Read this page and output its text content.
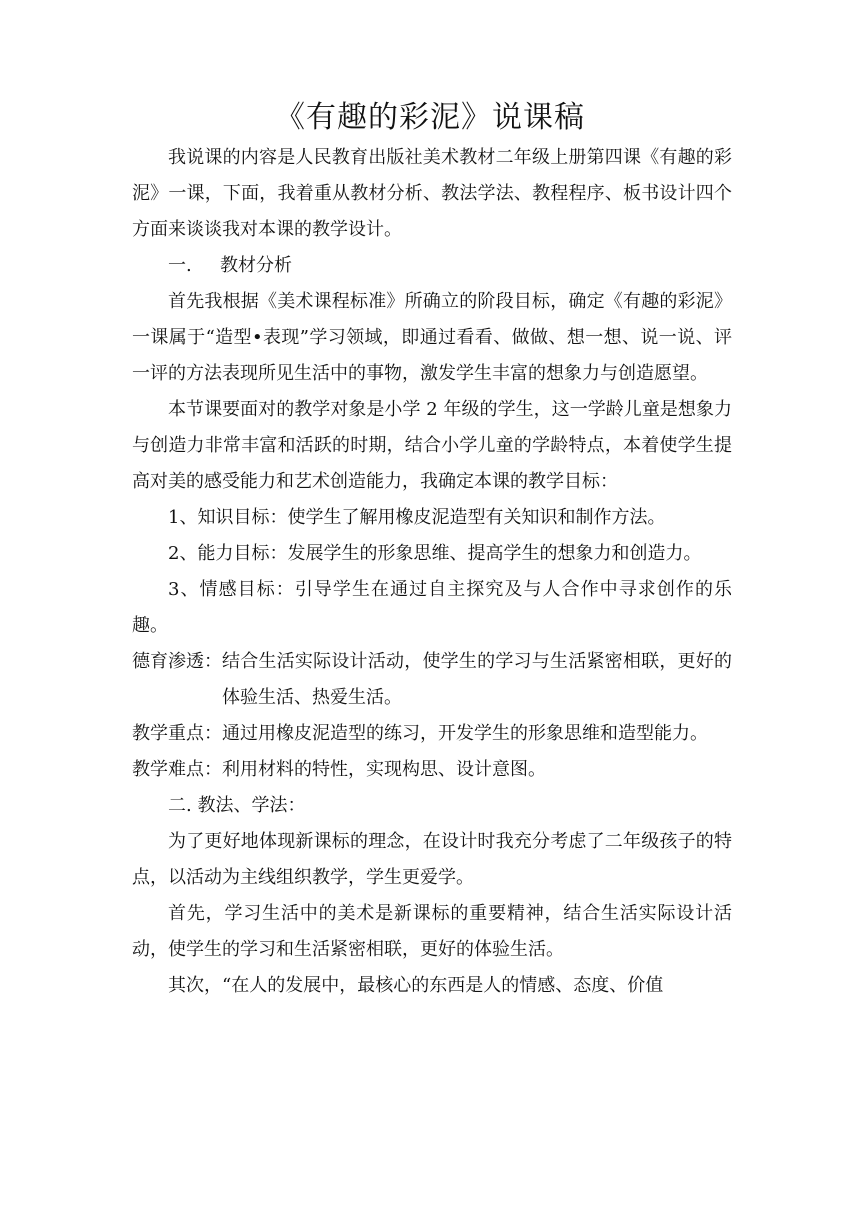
《有趣的彩泥》说课稿

我说课的内容是人民教育出版社美术教材二年级上册第四课《有趣的彩泥》一课，下面，我着重从教材分析、教法学法、教程程序、板书设计四个方面来谈谈我对本课的教学设计。

一. 教材分析

首先我根据《美术课程标准》所确立的阶段目标，确定《有趣的彩泥》一课属于“造型•表现”学习领域，即通过看看、做做、想一想、说一说、评一评的方法表现所见生活中的事物，激发学生丰富的想象力与创造愿望。

本节课要面对的教学对象是小学 2 年级的学生，这一学龄儿童是想象力与创造力非常丰富和活跃的时期，结合小学儿童的学龄特点，本着使学生提高对美的感受能力和艺术创造能力，我确定本课的教学目标：

1、知识目标：使学生了解用橡皮泥造型有关知识和制作方法。

2、能力目标：发展学生的形象思维、提高学生的想象力和创造力。

3、情感目标：引导学生在通过自主探究及与人合作中寻求创作的乐趣。

德育渗透： 结合生活实际设计活动，使学生的学习与生活紧密相联，更好的体验生活、热爱生活。
教学重点： 通过用橡皮泥造型的练习，开发学生的形象思维和造型能力。
教学难点： 利用材料的特性，实现构思、设计意图。

二. 教法、学法：

为了更好地体现新课标的理念，在设计时我充分考虑了二年级孩子的特点，以活动为主线组织教学，学生更爱学。

首先，学习生活中的美术是新课标的重要精神，结合生活实际设计活动，使学生的学习和生活紧密相联，更好的体验生活。

其次，“在人的发展中，最核心的东西是人的情感、态度、价值
